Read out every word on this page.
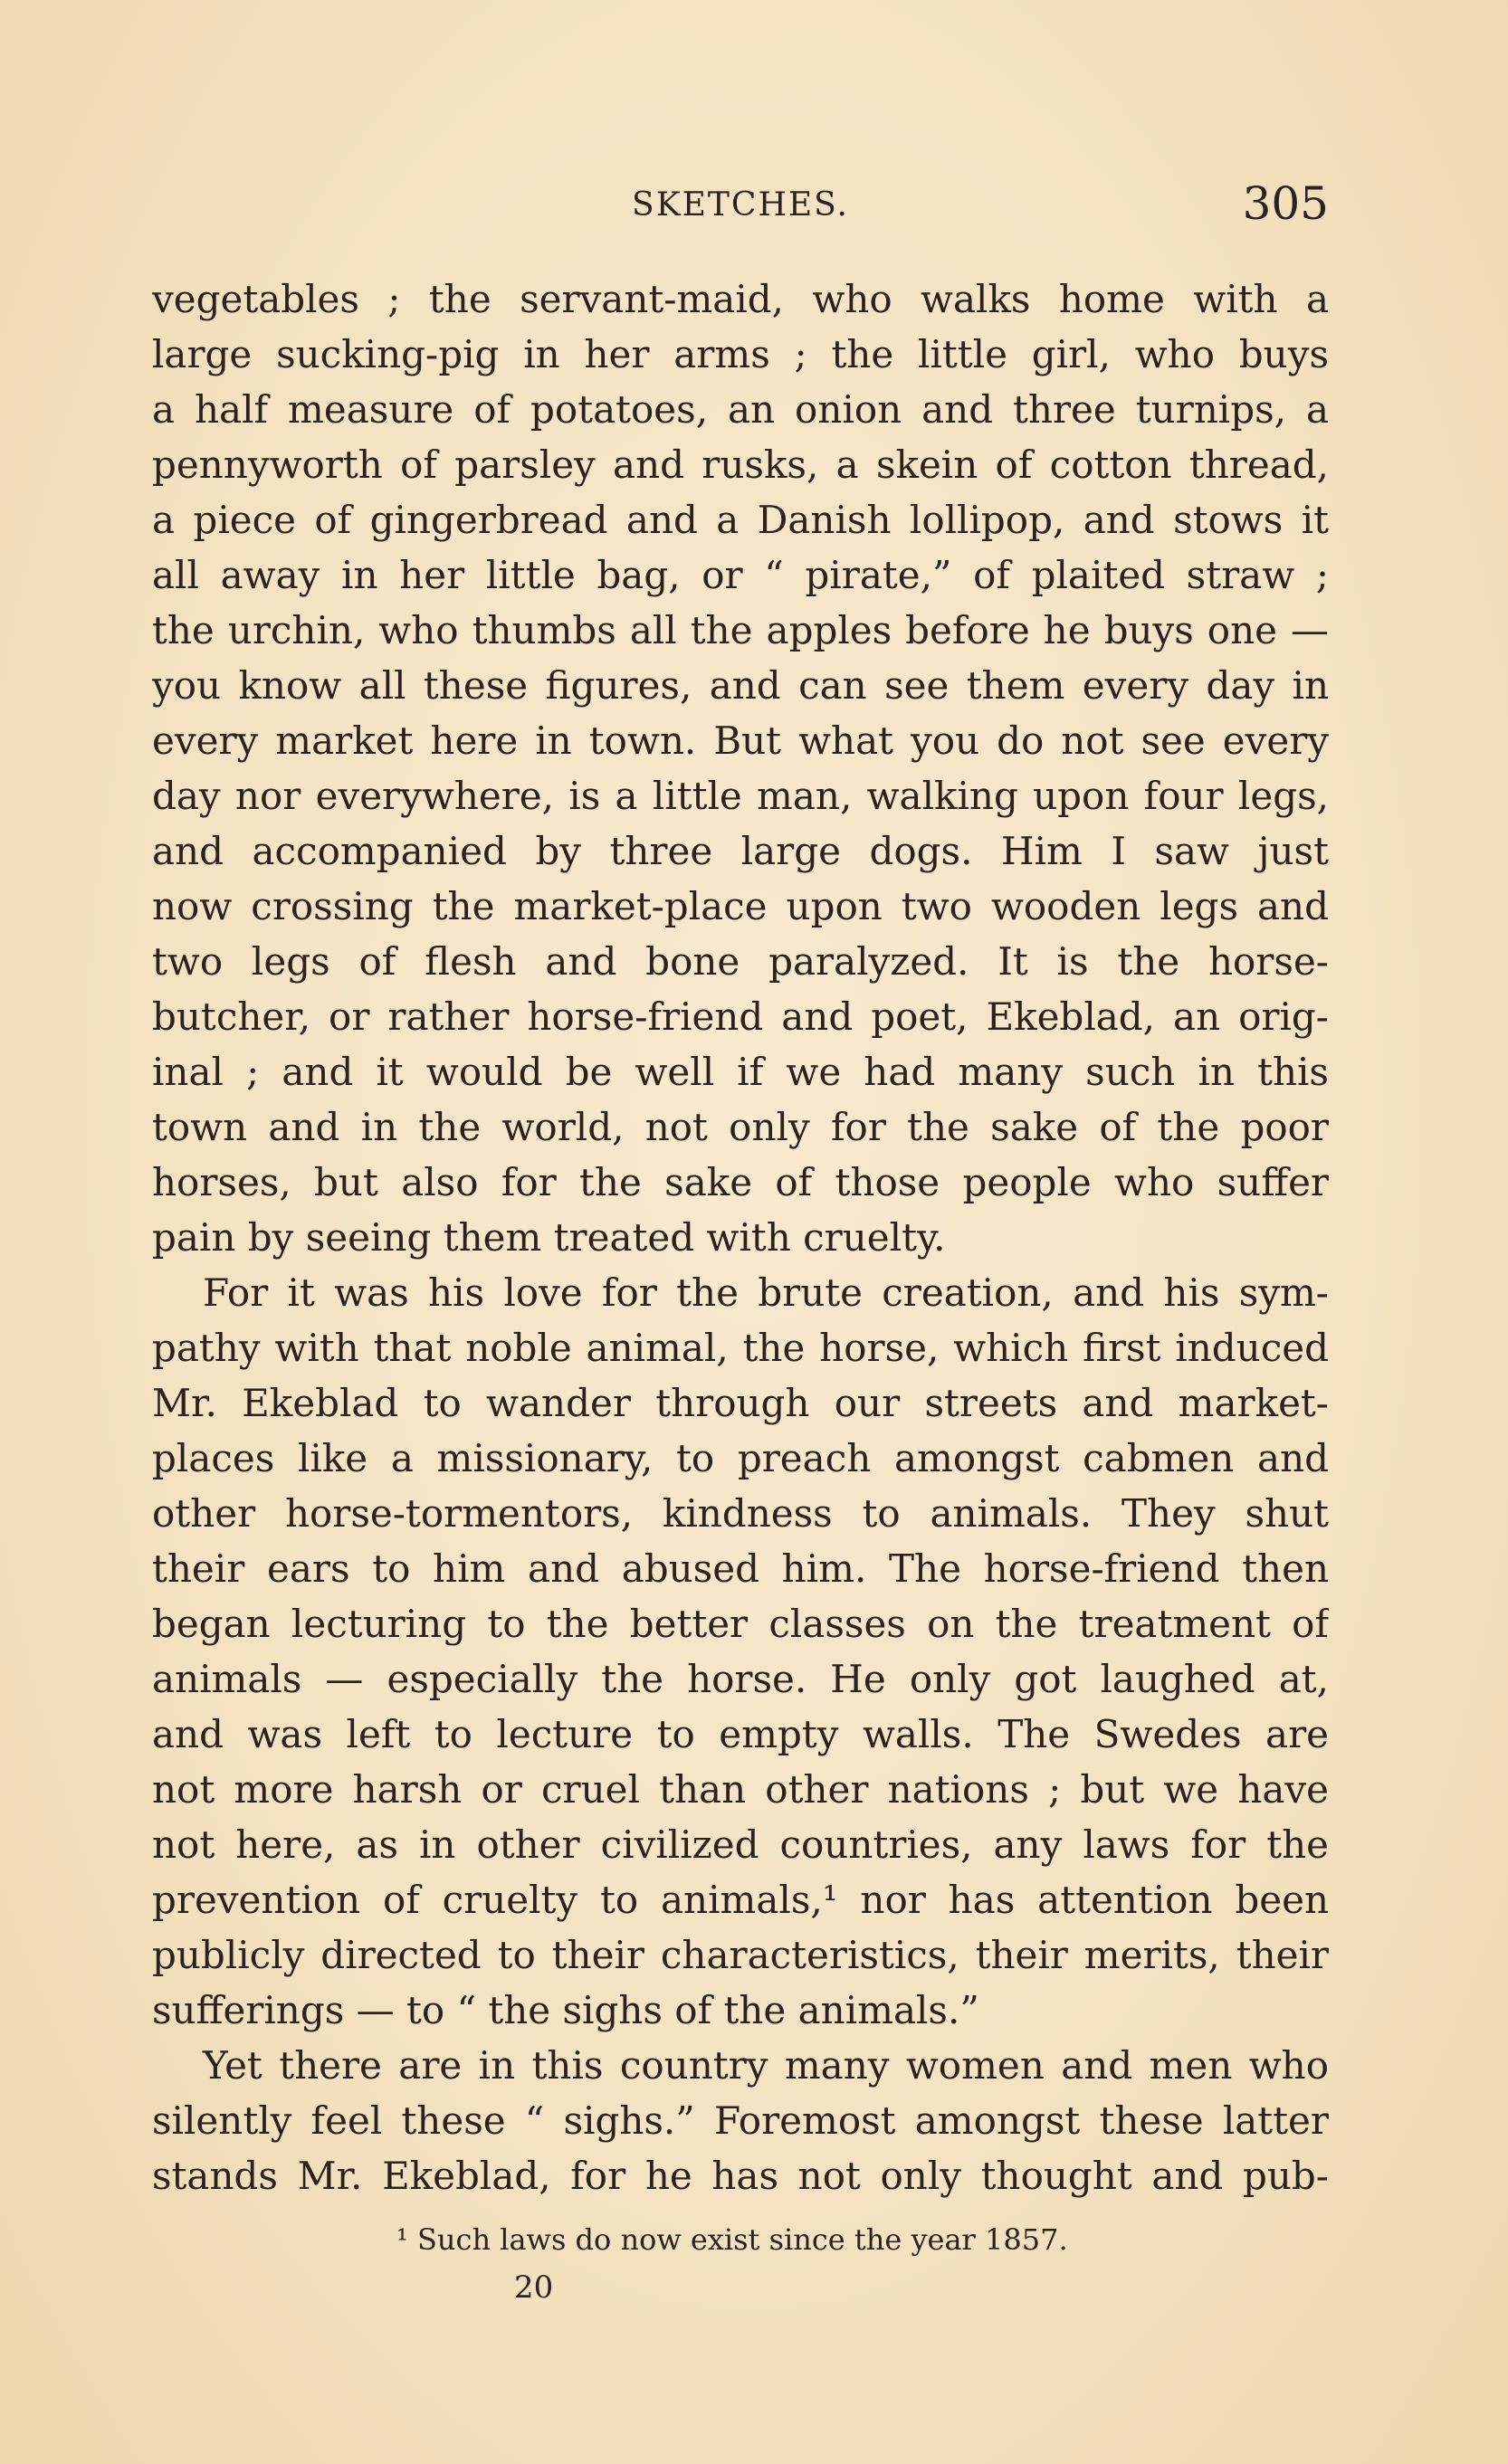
SKETCHES.	305
vegetables ; the servant-maid, who walks home with a
large sucking-pig in her arms ; the little girl, who buys
a half measure of potatoes, an onion and three turnips, a
pennyworth of parsley and rusks, a skein of cotton thread,
a piece of gingerbread and a Danish lollipop, and stows it
all away in her little bag, or “ pirate,” of plaited straw ;
the urchin, who thumbs all the apples before he buys one —
you know all these figures, and can see them every day in
every market here in town. But what you do not see every
day nor everywhere, is a little man, walking upon four legs,
and accompanied by three large dogs. Him I saw just
now crossing the market-place upon two wooden legs and
two legs of flesh and bone paralyzed. It is the horse-
butcher, or rather horse-friend and poet, Ekeblad, an orig-
inal ; and it would be well if we had many such in this
town and in the world, not only for the sake of the poor
horses, but also for the sake of those people who suffer
pain by seeing them treated with cruelty.
For it was his love for the brute creation, and his sym-
pathy with that noble animal, the horse, which first induced
Mr. Ekeblad to wander through our streets and market-
places like a missionary, to preach amongst cabmen and
other horse-tormentors, kindness to animals. They shut
their ears to him and abused him. The horse-friend then
began lecturing to the better classes on the treatment of
animals — especially the horse. He only got laughed at,
and was left to lecture to empty walls. The Swedes are
not more harsh or cruel than other nations ; but we have
not here, as in other civilized countries, any laws for the
prevention of cruelty to animals,¹ nor has attention been
publicly directed to their characteristics, their merits, their
sufferings — to “ the sighs of the animals.”
Yet there are in this country many women and men who
silently feel these “ sighs.” Foremost amongst these latter
stands Mr. Ekeblad, for he has not only thought and pub-
¹ Such laws do now exist since the year 1857.
20
